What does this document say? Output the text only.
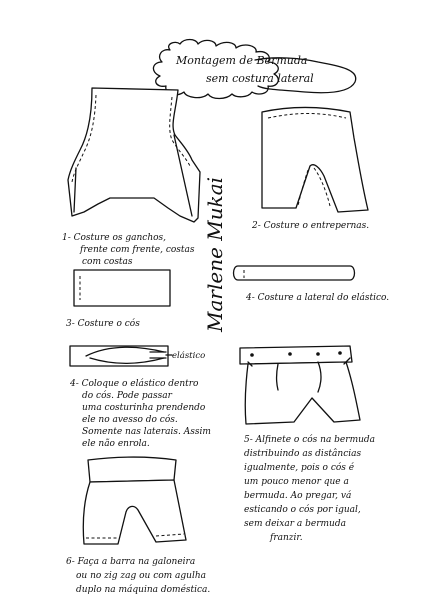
Montagem de Bermuda
sem costura lateral
1- Costure os ganchos,
frente com frente, costas
com costas	Marlene Mukai	2- Costure o entrepernas.
3- Costure o cós
4- Costure a lateral do elástico.
elástico
4- Coloque o elástico dentro
do cós. Pode passar
uma costurinha prendendo
ele no avesso do cós.
Somente nas laterais. Assim
ele não enrola.	5- Alfinete o cós na bermuda
distribuindo as distâncias
igualmente, pois o cós é
um pouco menor que a
bermuda. Ao pregar, vá
esticando o cós por igual,
sem deixar a bermuda
franzir.
6- Faça a barra na galoneira
ou no zig zag ou com agulha
duplo na máquina doméstica.
